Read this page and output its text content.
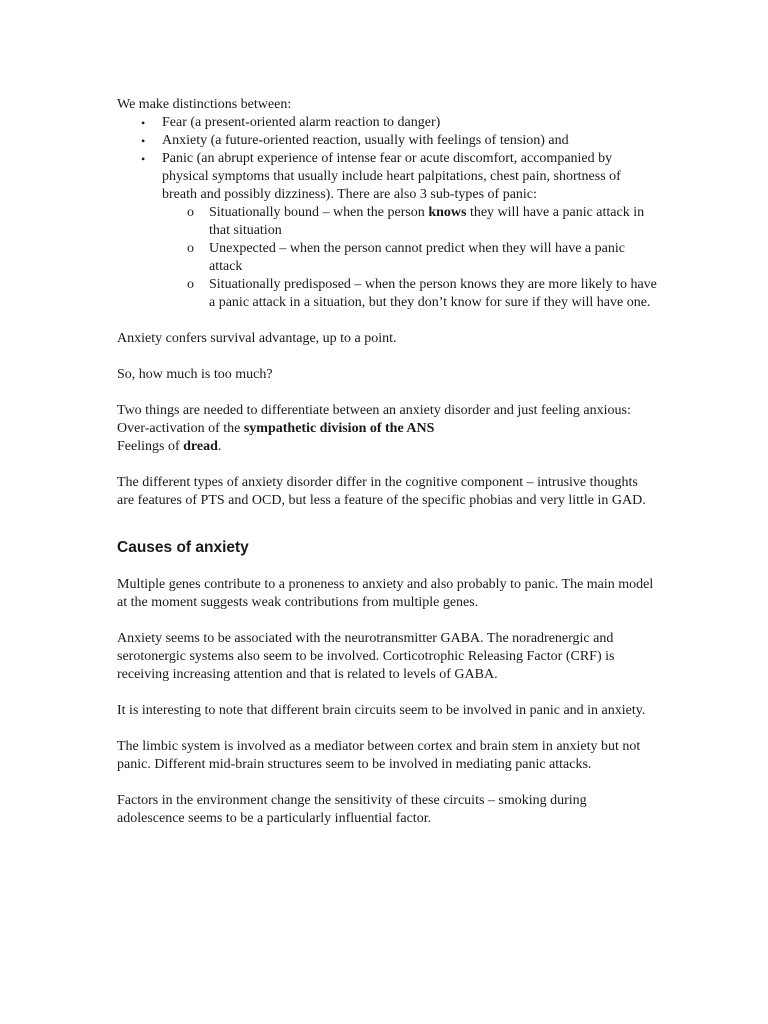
We make distinctions between:

• Fear (a present-oriented alarm reaction to danger)
• Anxiety (a future-oriented reaction, usually with feelings of tension) and
• Panic (an abrupt experience of intense fear or acute discomfort, accompanied by physical symptoms that usually include heart palpitations, chest pain, shortness of breath and possibly dizziness). There are also 3 sub-types of panic:
o Situationally bound – when the person knows they will have a panic attack in that situation
o Unexpected – when the person cannot predict when they will have a panic attack
o Situationally predisposed – when the person knows they are more likely to have a panic attack in a situation, but they don’t know for sure if they will have one.

Anxiety confers survival advantage, up to a point.

So, how much is too much?

Two things are needed to differentiate between an anxiety disorder and just feeling anxious:

Over-activation of the sympathetic division of the ANS

Feelings of dread.

The different types of anxiety disorder differ in the cognitive component – intrusive thoughts are features of PTS and OCD, but less a feature of the specific phobias and very little in GAD.

Causes of anxiety

Multiple genes contribute to a proneness to anxiety and also probably to panic. The main model at the moment suggests weak contributions from multiple genes.

Anxiety seems to be associated with the neurotransmitter GABA. The noradrenergic and serotonergic systems also seem to be involved. Corticotrophic Releasing Factor (CRF) is receiving increasing attention and that is related to levels of GABA.

It is interesting to note that different brain circuits seem to be involved in panic and in anxiety.

The limbic system is involved as a mediator between cortex and brain stem in anxiety but not panic. Different mid-brain structures seem to be involved in mediating panic attacks.

Factors in the environment change the sensitivity of these circuits – smoking during adolescence seems to be a particularly influential factor.
